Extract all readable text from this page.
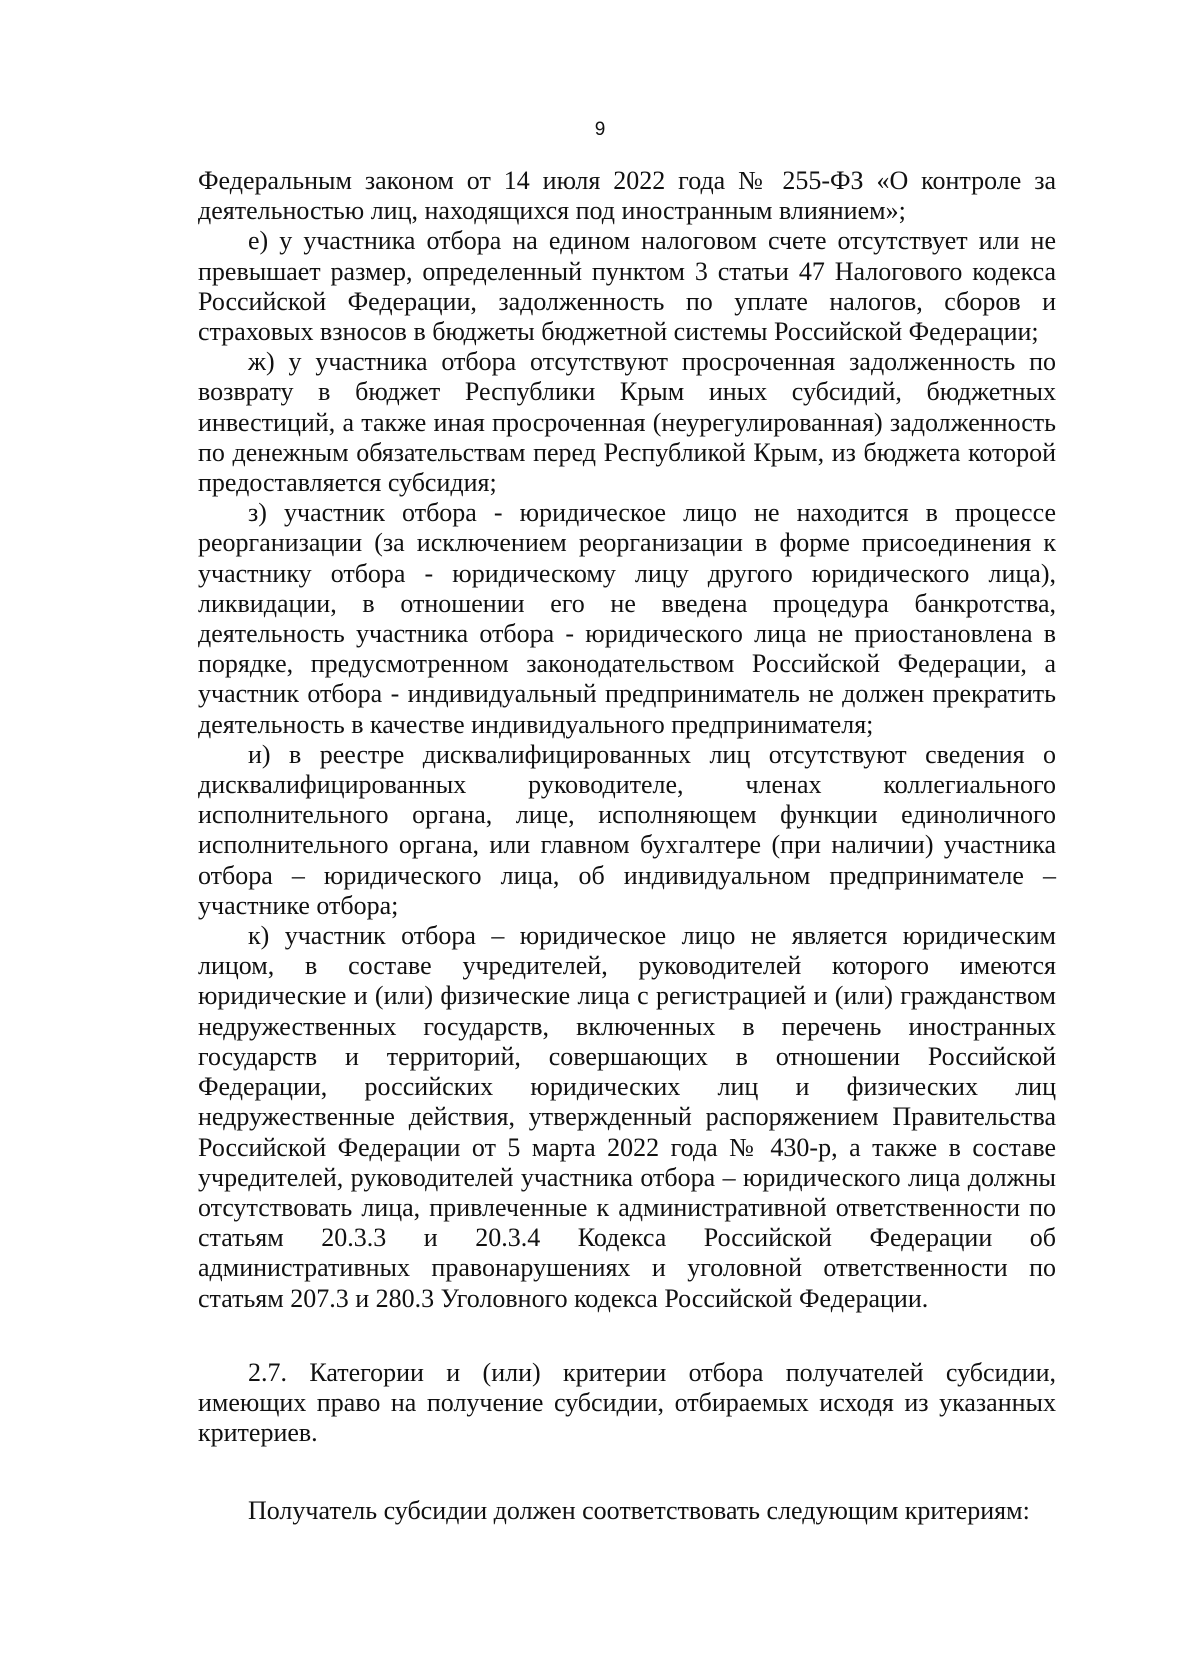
9

Федеральным законом от 14 июля 2022 года № 255-ФЗ «О контроле за деятельностью лиц, находящихся под иностранным влиянием»;

е) у участника отбора на едином налоговом счете отсутствует или не превышает размер, определенный пунктом 3 статьи 47 Налогового кодекса Российской Федерации, задолженность по уплате налогов, сборов и страховых взносов в бюджеты бюджетной системы Российской Федерации;

ж) у участника отбора отсутствуют просроченная задолженность по возврату в бюджет Республики Крым иных субсидий, бюджетных инвестиций, а также иная просроченная (неурегулированная) задолженность по денежным обязательствам перед Республикой Крым, из бюджета которой предоставляется субсидия;

з) участник отбора - юридическое лицо не находится в процессе реорганизации (за исключением реорганизации в форме присоединения к участнику отбора - юридическому лицу другого юридического лица), ликвидации, в отношении его не введена процедура банкротства, деятельность участника отбора - юридического лица не приостановлена в порядке, предусмотренном законодательством Российской Федерации, а участник отбора - индивидуальный предприниматель не должен прекратить деятельность в качестве индивидуального предпринимателя;

и) в реестре дисквалифицированных лиц отсутствуют сведения о дисквалифицированных руководителе, членах коллегиального исполнительного органа, лице, исполняющем функции единоличного исполнительного органа, или главном бухгалтере (при наличии) участника отбора – юридического лица, об индивидуальном предпринимателе – участнике отбора;

к) участник отбора – юридическое лицо не является юридическим лицом, в составе учредителей, руководителей которого имеются юридические и (или) физические лица с регистрацией и (или) гражданством недружественных государств, включенных в перечень иностранных государств и территорий, совершающих в отношении Российской Федерации, российских юридических лиц и физических лиц недружественные действия, утвержденный распоряжением Правительства Российской Федерации от 5 марта 2022 года № 430-р, а также в составе учредителей, руководителей участника отбора – юридического лица должны отсутствовать лица, привлеченные к административной ответственности по статьям 20.3.3 и 20.3.4 Кодекса Российской Федерации об административных правонарушениях и уголовной ответственности по статьям 207.3 и 280.3 Уголовного кодекса Российской Федерации.

2.7. Категории и (или) критерии отбора получателей субсидии, имеющих право на получение субсидии, отбираемых исходя из указанных критериев.

Получатель субсидии должен соответствовать следующим критериям:
